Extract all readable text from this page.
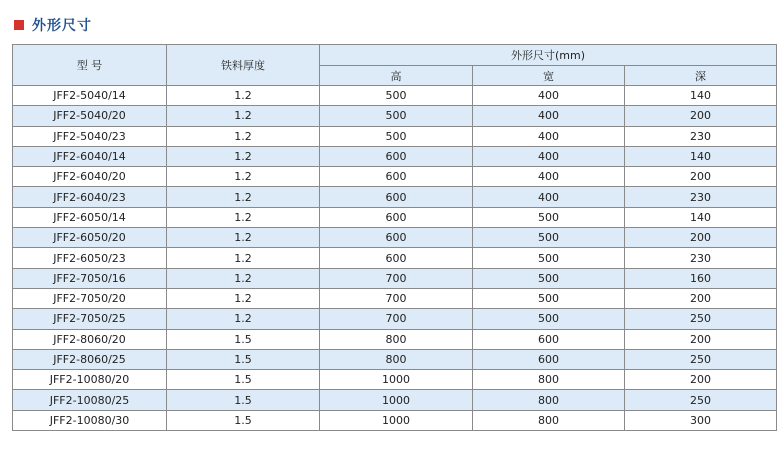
外形尺寸
型 号	铁料厚度	外形尺寸(mm)		
		高	宽	深
JFF2-5040/14	1.2	500	400	140
JFF2-5040/20	1.2	500	400	200
JFF2-5040/23	1.2	500	400	230
JFF2-6040/14	1.2	600	400	140
JFF2-6040/20	1.2	600	400	200
JFF2-6040/23	1.2	600	400	230
JFF2-6050/14	1.2	600	500	140
JFF2-6050/20	1.2	600	500	200
JFF2-6050/23	1.2	600	500	230
JFF2-7050/16	1.2	700	500	160
JFF2-7050/20	1.2	700	500	200
JFF2-7050/25	1.2	700	500	250
JFF2-8060/20	1.5	800	600	200
JFF2-8060/25	1.5	800	600	250
JFF2-10080/20	1.5	1000	800	200
JFF2-10080/25	1.5	1000	800	250
JFF2-10080/30	1.5	1000	800	300
